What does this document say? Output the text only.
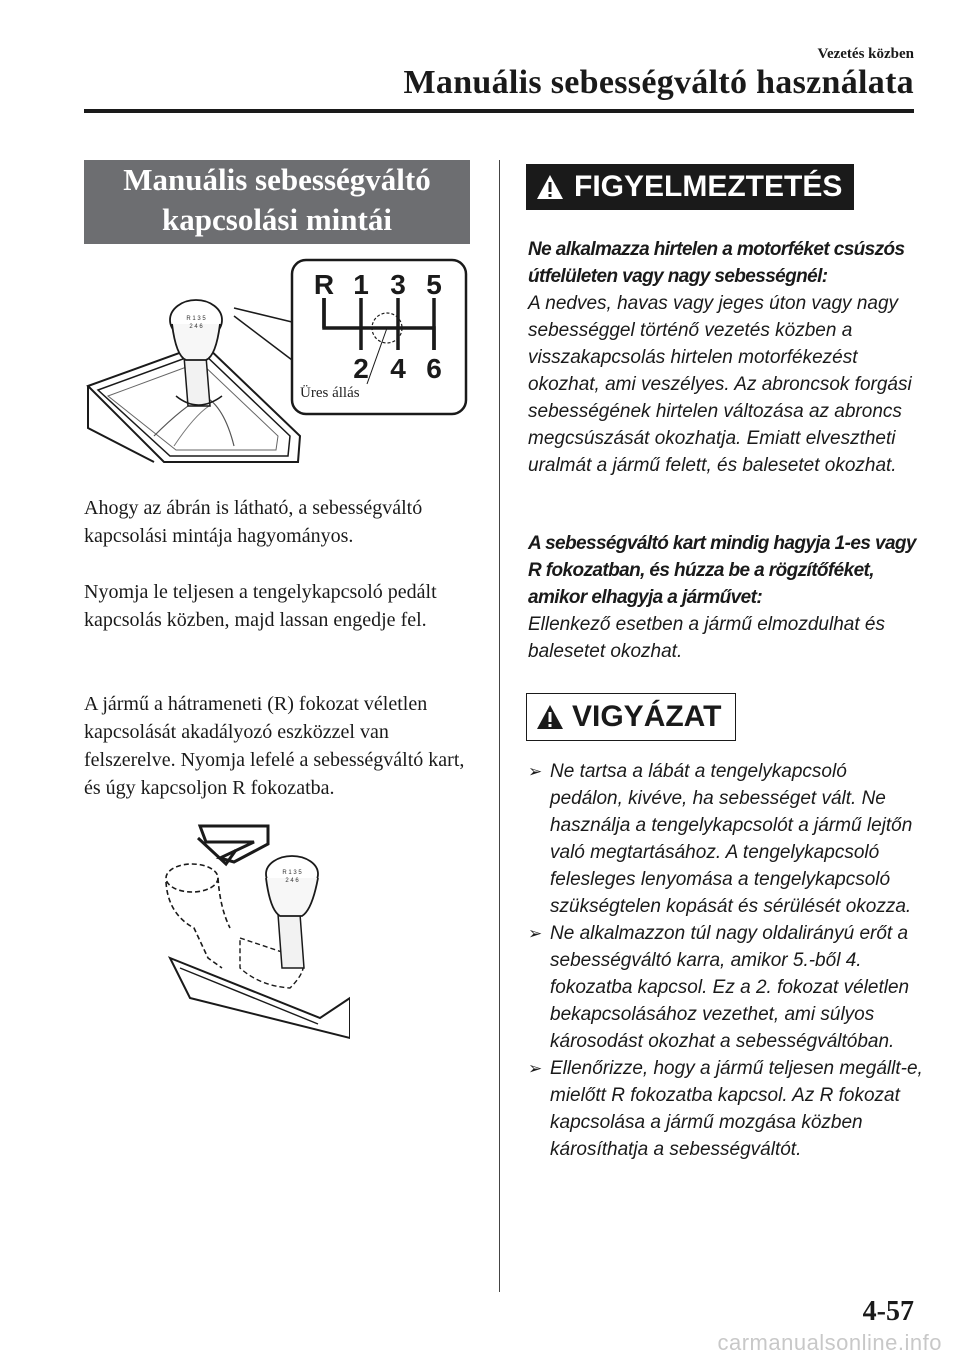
Vezetés közben
Manuális sebességváltó használata
Manuális sebességváltó
kapcsolási mintái
R 1 3 5
2 4 6
R 1 3 5
2 4 6
Üres állás

Ahogy az ábrán is látható, a sebességváltó kapcsolási mintája hagyományos.

Nyomja le teljesen a tengelykapcsoló pedált kapcsolás közben, majd lassan engedje fel.

A jármű a hátrameneti (R) fokozat véletlen kapcsolását akadályozó eszközzel van felszerelve. Nyomja lefelé a sebességváltó kart, és úgy kapcsoljon R fokozatba.

R 1 3 5
2 4 6
FIGYELMEZTETÉS

Ne alkalmazza hirtelen a motorféket csúszós útfelületen vagy nagy sebességnél:

A nedves, havas vagy jeges úton vagy nagy sebességgel történő vezetés közben a visszakapcsolás hirtelen motorfékezést okozhat, ami veszélyes. Az abroncsok forgási sebességének hirtelen változása az abroncs megcsúszását okozhatja. Emiatt elvesztheti uralmát a jármű felett, és balesetet okozhat.

A sebességváltó kart mindig hagyja 1-es vagy R fokozatban, és húzza be a rögzítőféket, amikor elhagyja a járművet:

Ellenkező esetben a jármű elmozdulhat és balesetet okozhat.

VIGYÁZAT
➢ Ne tartsa a lábát a tengelykapcsoló pedálon, kivéve, ha sebességet vált. Ne használja a tengelykapcsolót a jármű lejtőn való megtartásához. A tengelykapcsoló felesleges lenyomása a tengelykapcsoló szükségtelen kopását és sérülését okozza.
➢ Ne alkalmazzon túl nagy oldalirányú erőt a sebességváltó karra, amikor 5.-ből 4. fokozatba kapcsol. Ez a 2. fokozat véletlen bekapcsolásához vezethet, ami súlyos károsodást okozhat a sebességváltóban.
➢ Ellenőrizze, hogy a jármű teljesen megállt-e, mielőtt R fokozatba kapcsol. Az R fokozat kapcsolása a jármű mozgása közben károsíthatja a sebességváltót.
4-57
carmanualsonline.info
